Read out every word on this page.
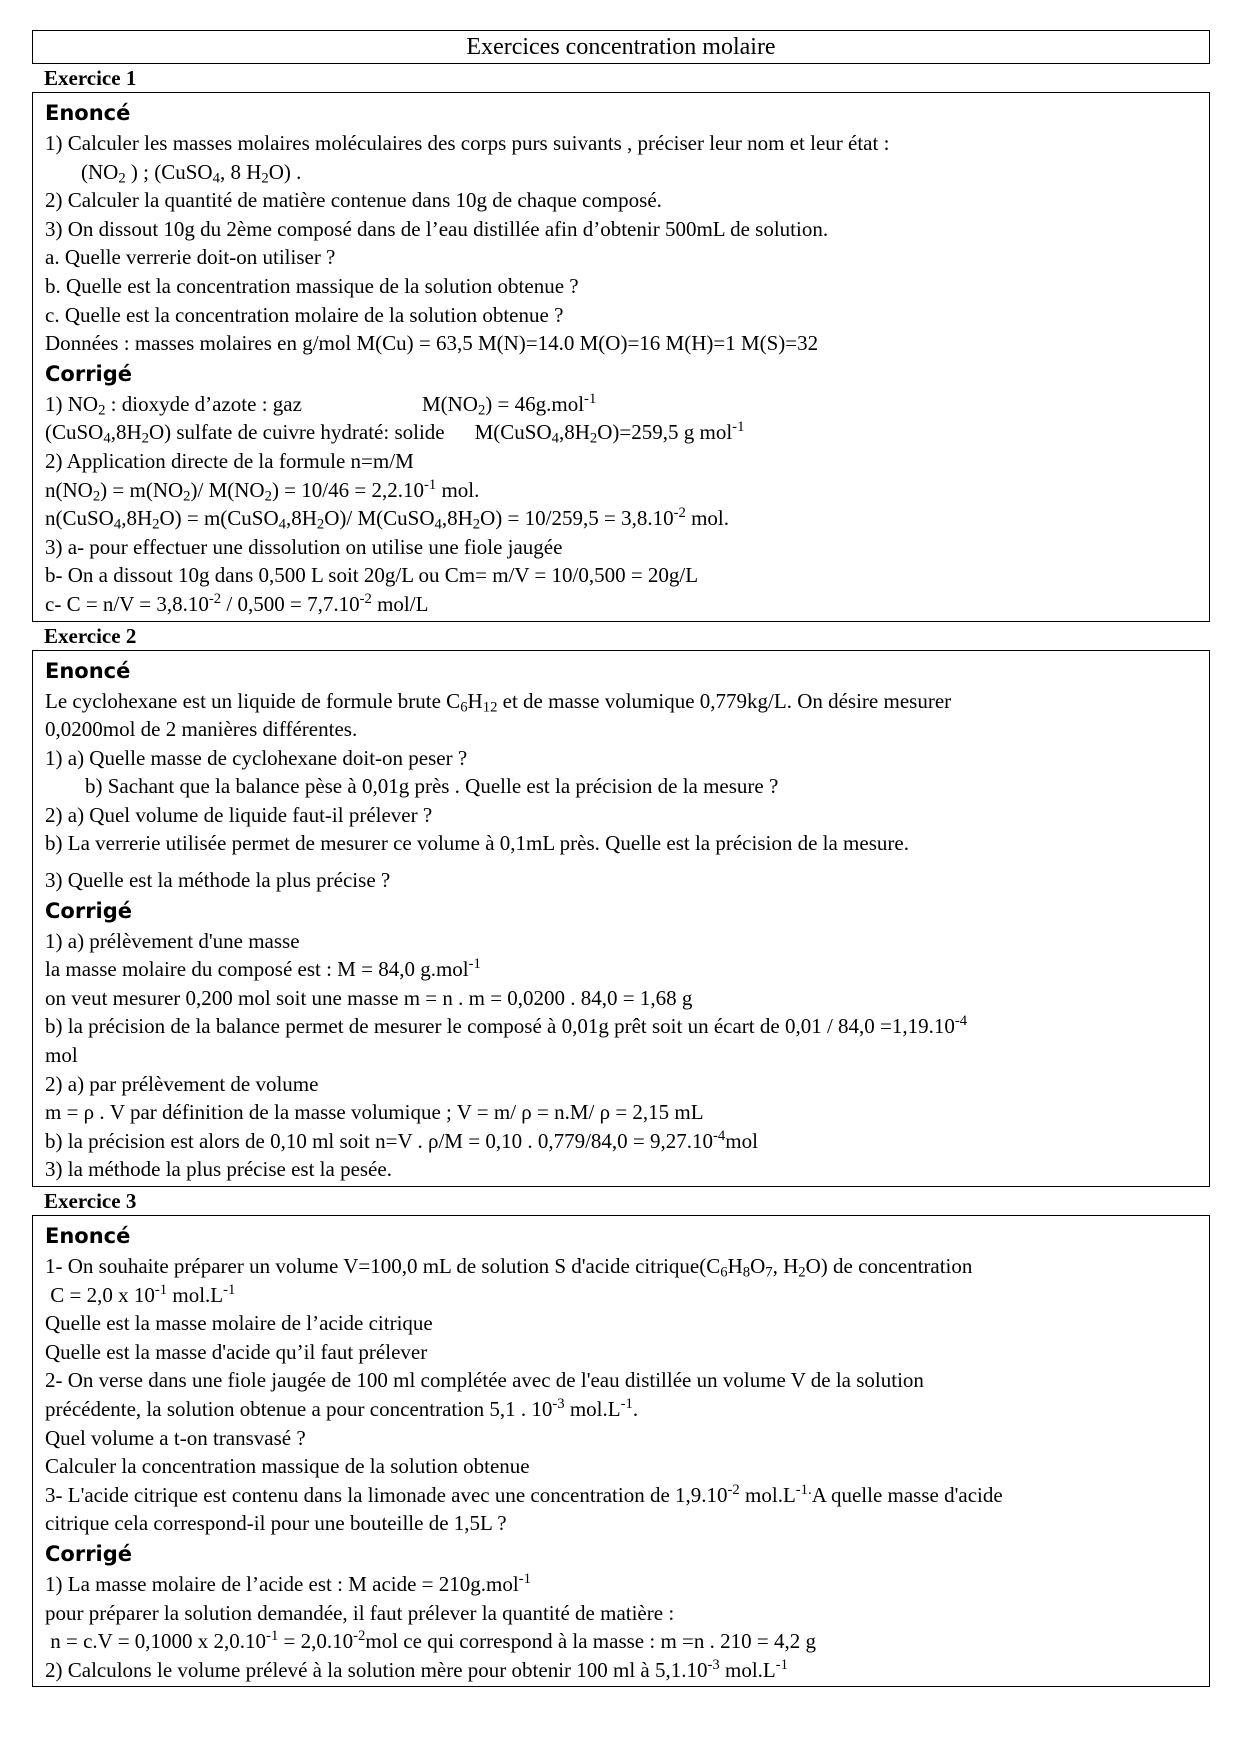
Exercices concentration molaire
Exercice 1
Enoncé
1) Calculer les masses molaires moléculaires des corps purs suivants , préciser leur nom et leur état :
($NO_2$ ) ; (CuSO$_4$, 8 $H_2O$) .
2) Calculer la quantité de matière contenue dans 10g de chaque composé.
3) On dissout 10g du 2ème composé dans de l’eau distillée afin d’obtenir 500mL de solution.
a. Quelle verrerie doit-on utiliser ?
b. Quelle est la concentration massique de la solution obtenue ?
c. Quelle est la concentration molaire de la solution obtenue ?
Données : masses molaires en g/mol M(Cu) = 63,5 M(N)=14.0 M(O)=16 M(H)=1 M(S)=32
Corrigé
1) $NO_2$ : dioxyde d’azote : gaz	$M(NO_2) = 46g.mol^{-1}$
$(CuSO_4,8H_2O)$ sulfate de cuivre hydraté: solide $M(CuSO_4,8H_2O)=259,5$ g mol$^{-1}$
2) Application directe de la formule n=m/M
$n(NO_2) = m(NO_2)/$ $M(NO_2) = 10/46 = 2,2.10^{-1}$ mol.
$n(CuSO_4,8H_2O)$ = $m(CuSO_4,8H_2O)/$ $M(CuSO_4,8H_2O) = 10/259,5 = 3,8.10^{-2}$ mol.
3) a- pour effectuer une dissolution on utilise une fiole jaugée
b- On a dissout 10g dans 0,500 L soit 20g/L ou Cm= m/V = 10/0,500 = 20g/L
c- $C = n/V = 3,8.10^{-2} / 0,500 = 7,7.10^{-2}$ mol/L
Exercice 2
Enoncé
Le cyclohexane est un liquide de formule brute $C_6H_{12}$ et de masse volumique 0,779kg/L. On désire mesurer
0,0200mol de 2 manières différentes.
1) a) Quelle masse de cyclohexane doit-on peser ?
b) Sachant que la balance pèse à 0,01g près . Quelle est la précision de la mesure ?
2) a) Quel volume de liquide faut-il prélever ?
b) La verrerie utilisée permet de mesurer ce volume à 0,1mL près. Quelle est la précision de la mesure.
3) Quelle est la méthode la plus précise ?
Corrigé
1) a) prélèvement d'une masse
la masse molaire du composé est : M = 84,0 g.mol$^{-1}$
on veut mesurer 0,200 mol soit une masse m = n . m = 0,0200 . 84,0 = 1,68 g
b) la précision de la balance permet de mesurer le composé à 0,01g prêt soit un écart de $0,01 / 84,0 =1,19.10^{-4}$
mol
2) a) par prélèvement de volume
m = ρ . V par définition de la masse volumique ; V = m/ ρ = n.M/ ρ = 2,15 mL
b) la précision est alors de 0,10 ml soit n=V . ρ/M = 0,10 . $0,779/84,0 = 9,27.10^{-4}mol$
3) la méthode la plus précise est la pesée.
Exercice 3
Enoncé
1- On souhaite préparer un volume V=100,0 mL de solution S d'acide $citrique(C_6H_8O_7$, $H_2O$) de concentration
C = 2,0 x $10^{-1}$ $mol.L^{-1}$
Quelle est la masse molaire de l’acide citrique
Quelle est la masse d'acide qu’il faut prélever
2- On verse dans une fiole jaugée de 100 ml complétée avec de l'eau distillée un volume V de la solution
précédente, la solution obtenue a pour concentration 5,1 . $10^{-3}$ $mol.L^{-1}$.
Quel volume a t-on transvasé ?
Calculer la concentration massique de la solution obtenue
3- L'acide citrique est contenu dans la limonade avec une concentration de $1,9.10^{-2}$ $mol.L^{-1.}A$ quelle masse d'acide
citrique cela correspond-il pour une bouteille de 1,5L ?
Corrigé
1) La masse molaire de l’acide est : M acide = 210g.mol$^{-1}$
pour préparer la solution demandée, il faut prélever la quantité de matière :
n = c.V = 0,1000 x $2,0.10^{-1} = 2,0.10^{-2}mol$ ce qui correspond à la masse : m =n . 210 = 4,2 g
2) Calculons le volume prélevé à la solution mère pour obtenir 100 ml à $5,1.10^{-3}$ $mol.L^{-1}$
